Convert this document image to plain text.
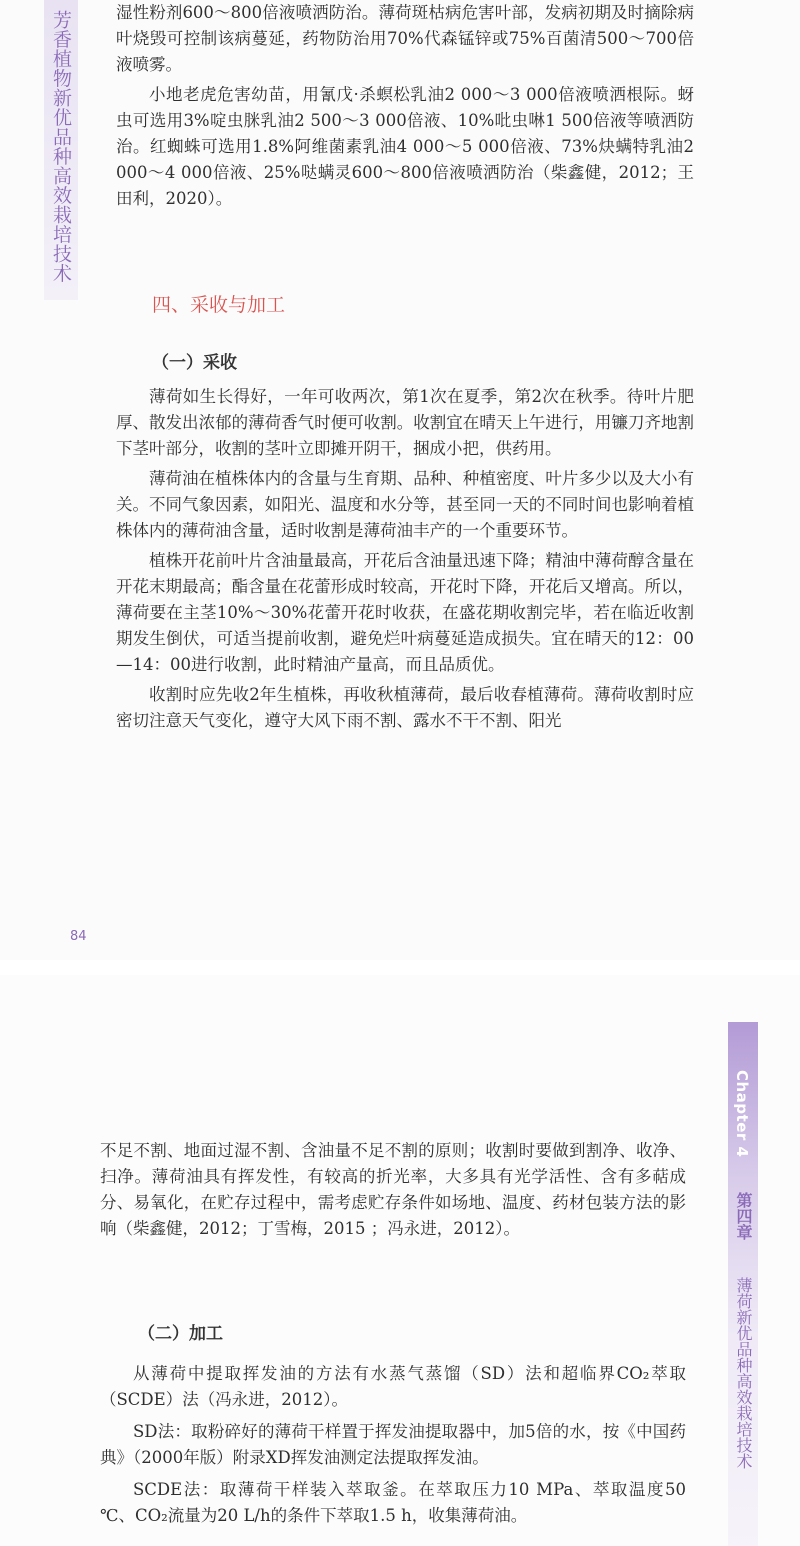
芳香植物新优品种高效栽培技术	湿性粉剂600～800倍液喷洒防治。薄荷斑枯病危害叶部，发病初期及时摘除病叶烧毁可控制该病蔓延，药物防治用70%代森锰锌或75%百菌清500～700倍液喷雾。

小地老虎危害幼苗，用氰戊·杀螟松乳油2 000～3 000倍液喷洒根际。蚜虫可选用3%啶虫脒乳油2 500～3 000倍液、10%吡虫啉1 500倍液等喷洒防治。红蜘蛛可选用1.8%阿维菌素乳油4 000～5 000倍液、73%炔螨特乳油2 000～4 000倍液、25%哒螨灵600～800倍液喷洒防治（柴鑫健，2012；王田利，2020）。

四、采收与加工
（一）采收

薄荷如生长得好，一年可收两次，第1次在夏季，第2次在秋季。待叶片肥厚、散发出浓郁的薄荷香气时便可收割。收割宜在晴天上午进行，用镰刀齐地割下茎叶部分，收割的茎叶立即摊开阴干，捆成小把，供药用。

薄荷油在植株体内的含量与生育期、品种、种植密度、叶片多少以及大小有关。不同气象因素，如阳光、温度和水分等，甚至同一天的不同时间也影响着植株体内的薄荷油含量，适时收割是薄荷油丰产的一个重要环节。

植株开花前叶片含油量最高，开花后含油量迅速下降；精油中薄荷醇含量在开花末期最高；酯含量在花蕾形成时较高，开花时下降，开花后又增高。所以，薄荷要在主茎10%～30%花蕾开花时收获，在盛花期收割完毕，若在临近收割期发生倒伏，可适当提前收割，避免烂叶病蔓延造成损失。宜在晴天的12：00—14：00进行收割，此时精油产量高，而且品质优。

收割时应先收2年生植株，再收秋植薄荷，最后收春植薄荷。薄荷收割时应密切注意天气变化，遵守大风下雨不割、露水不干不割、阳光

84
Chapter 4
第四章
薄荷新优品种高效栽培技术

不足不割、地面过湿不割、含油量不足不割的原则；收割时要做到割净、收净、扫净。薄荷油具有挥发性，有较高的折光率，大多具有光学活性、含有多萜成分、易氧化，在贮存过程中，需考虑贮存条件如场地、温度、药材包装方法的影响（柴鑫健，2012；丁雪梅，2015 ；冯永进，2012）。

（二）加工

从薄荷中提取挥发油的方法有水蒸气蒸馏（SD）法和超临界CO₂萃取（SCDE）法（冯永进，2012）。

SD法：取粉碎好的薄荷干样置于挥发油提取器中，加5倍的水，按《中国药典》（2000年版）附录XD挥发油测定法提取挥发油。

SCDE法：取薄荷干样装入萃取釜。在萃取压力10 MPa、萃取温度50 ℃、CO₂流量为20 L/h的条件下萃取1.5 h，收集薄荷油。
